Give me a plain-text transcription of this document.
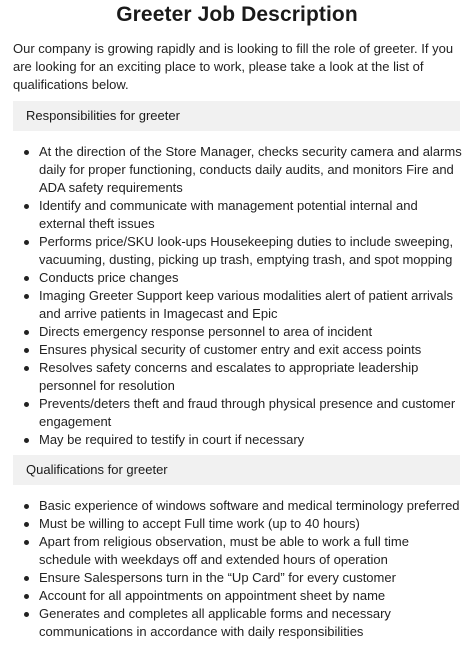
Greeter Job Description
Our company is growing rapidly and is looking to fill the role of greeter. If you are looking for an exciting place to work, please take a look at the list of qualifications below.
Responsibilities for greeter
At the direction of the Store Manager, checks security camera and alarms daily for proper functioning, conducts daily audits, and monitors Fire and ADA safety requirements
Identify and communicate with management potential internal and external theft issues
Performs price/SKU look-ups Housekeeping duties to include sweeping, vacuuming, dusting, picking up trash, emptying trash, and spot mopping
Conducts price changes
Imaging Greeter Support keep various modalities alert of patient arrivals and arrive patients in Imagecast and Epic
Directs emergency response personnel to area of incident
Ensures physical security of customer entry and exit access points
Resolves safety concerns and escalates to appropriate leadership personnel for resolution
Prevents/deters theft and fraud through physical presence and customer engagement
May be required to testify in court if necessary
Qualifications for greeter
Basic experience of windows software and medical terminology preferred
Must be willing to accept Full time work (up to 40 hours)
Apart from religious observation, must be able to work a full time schedule with weekdays off and extended hours of operation
Ensure Salespersons turn in the “Up Card” for every customer
Account for all appointments on appointment sheet by name
Generates and completes all applicable forms and necessary communications in accordance with daily responsibilities
